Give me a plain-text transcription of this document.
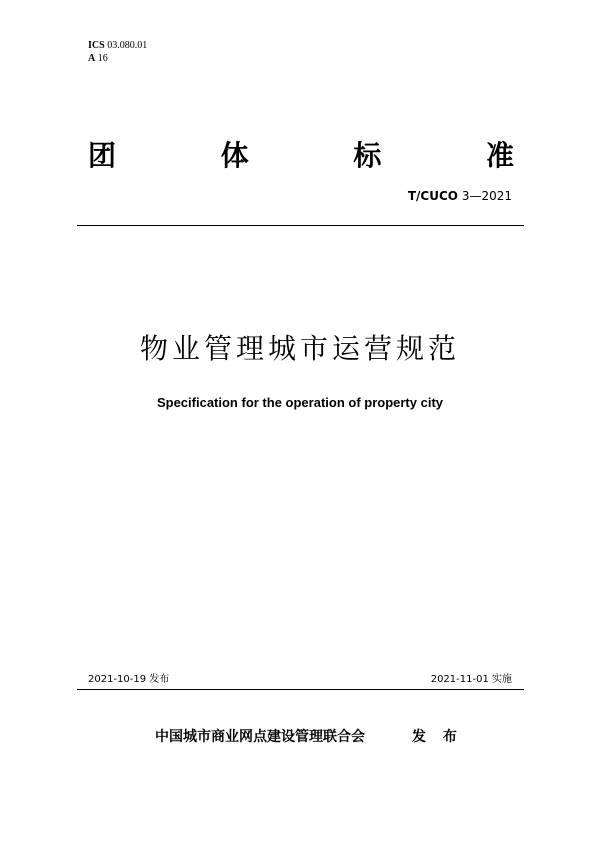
ICS 03.080.01
A 16
团	体	标	准
T/CUCO 3—2021
物业管理城市运营规范
Specification for the operation of property city
2021-10-19 发布	2021-11-01 实施
中国城市商业网点建设管理联合会	发 布
